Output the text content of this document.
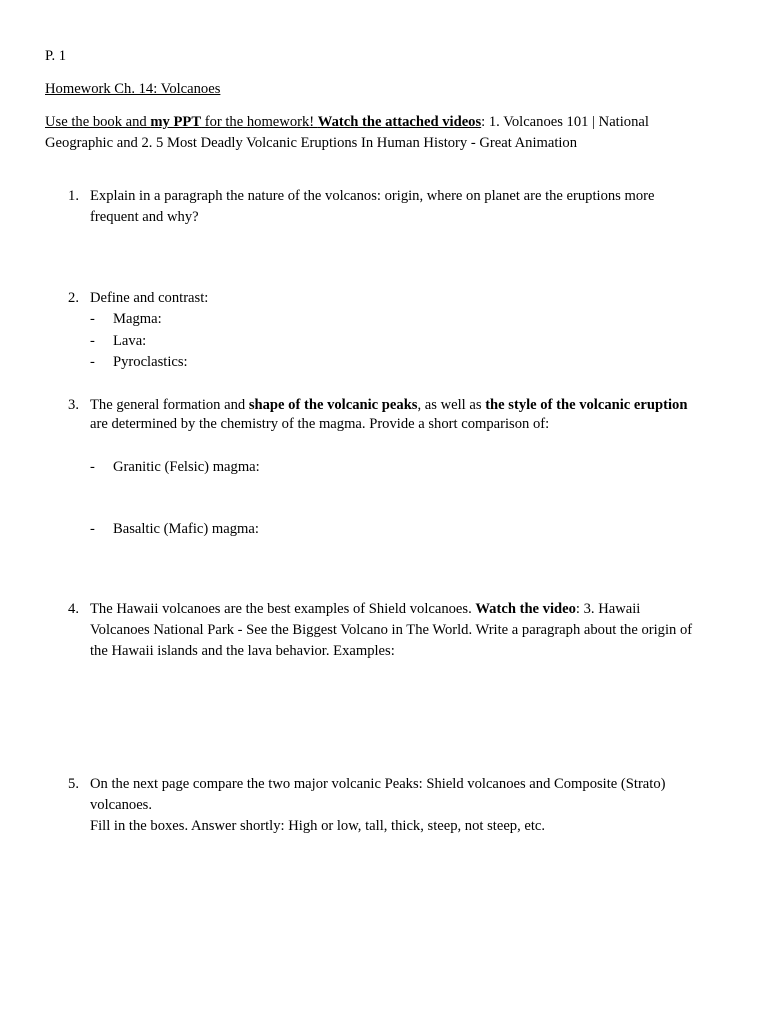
P. 1
Homework Ch. 14: Volcanoes
Use the book and my PPT for the homework! Watch the attached videos: 1. Volcanoes 101 | National
Geographic and 2. 5 Most Deadly Volcanic Eruptions In Human History - Great Animation
1. Explain in a paragraph the nature of the volcanos: origin, where on planet are the eruptions more
frequent and why?
2. Define and contrast:
- Magma:
- Lava:
- Pyroclastics:
3. The general formation and shape of the volcanic peaks, as well as the style of the volcanic eruption
are determined by the chemistry of the magma. Provide a short comparison of:
- Granitic (Felsic) magma:
- Basaltic (Mafic) magma:
4. The Hawaii volcanoes are the best examples of Shield volcanoes. Watch the video: 3. Hawaii
Volcanoes National Park - See the Biggest Volcano in The World. Write a paragraph about the origin of
the Hawaii islands and the lava behavior. Examples:
5. On the next page compare the two major volcanic Peaks: Shield volcanoes and Composite (Strato)
volcanoes.
Fill in the boxes. Answer shortly: High or low, tall, thick, steep, not steep, etc.
